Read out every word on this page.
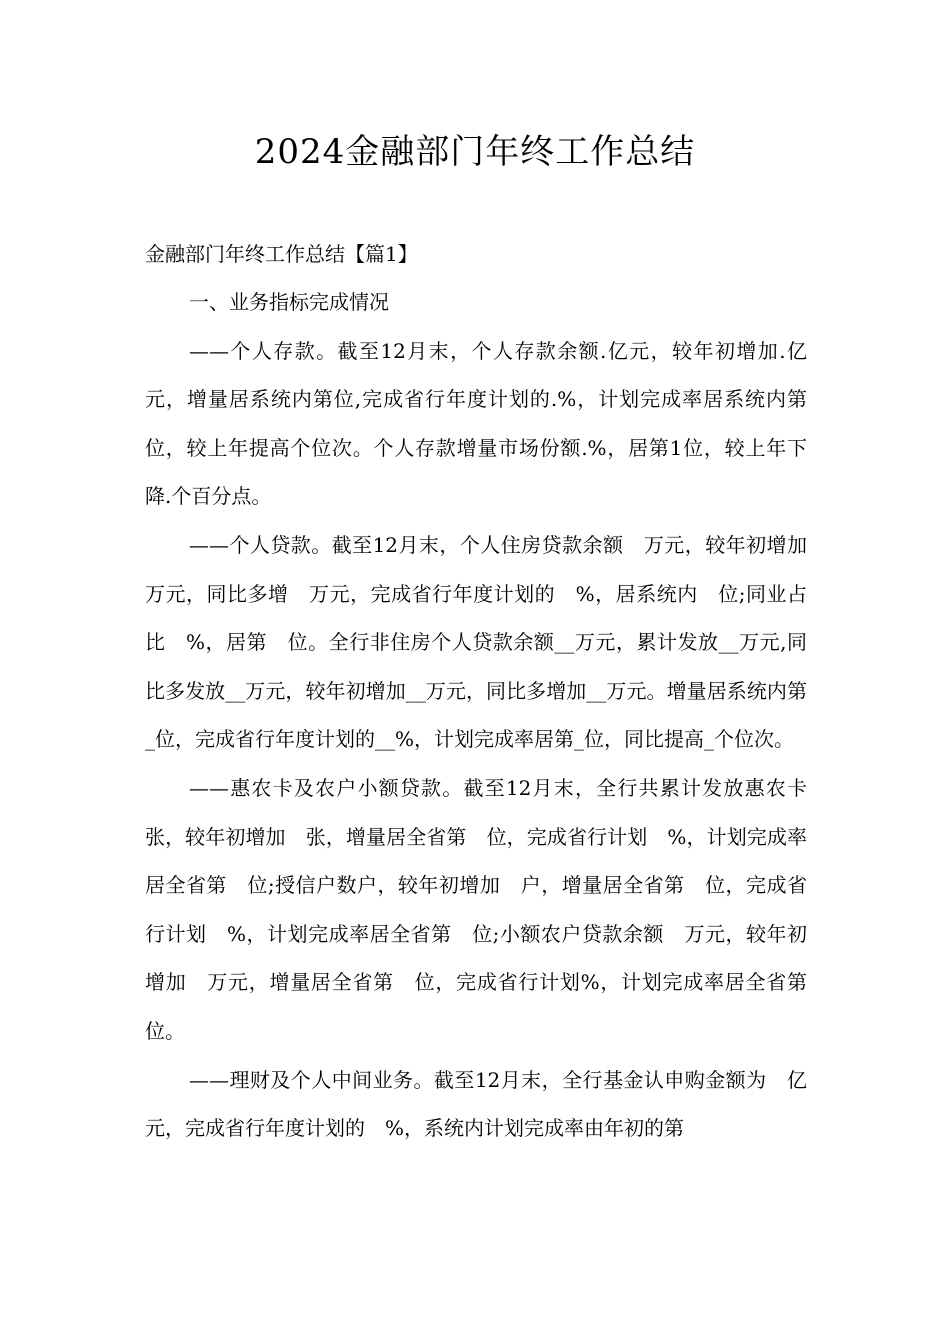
2024金融部门年终工作总结

金融部门年终工作总结【篇1】

一、业务指标完成情况

——个人存款。截至12月末，个人存款余额.亿元，较年初增加.亿元，增量居系统内第位,完成省行年度计划的.%，计划完成率居系统内第位，较上年提高个位次。个人存款增量市场份额.%，居第1位，较上年下降.个百分点。

——个人贷款。截至12月末，个人住房贷款余额　万元，较年初增加　万元，同比多增　万元，完成省行年度计划的　%，居系统内　位;同业占比　%，居第　位。全行非住房个人贷款余额__万元，累计发放__万元,同比多发放__万元，较年初增加__万元，同比多增加__万元。增量居系统内第_位，完成省行年度计划的__%，计划完成率居第_位，同比提高_个位次。

——惠农卡及农户小额贷款。截至12月末，全行共累计发放惠农卡　张，较年初增加　张，增量居全省第　位，完成省行计划　%，计划完成率居全省第　位;授信户数户，较年初增加　户，增量居全省第　位，完成省行计划　%，计划完成率居全省第　位;小额农户贷款余额　万元，较年初增加　万元，增量居全省第　位，完成省行计划%，计划完成率居全省第　位。

——理财及个人中间业务。截至12月末，全行基金认申购金额为　亿元，完成省行年度计划的　%，系统内计划完成率由年初的第
